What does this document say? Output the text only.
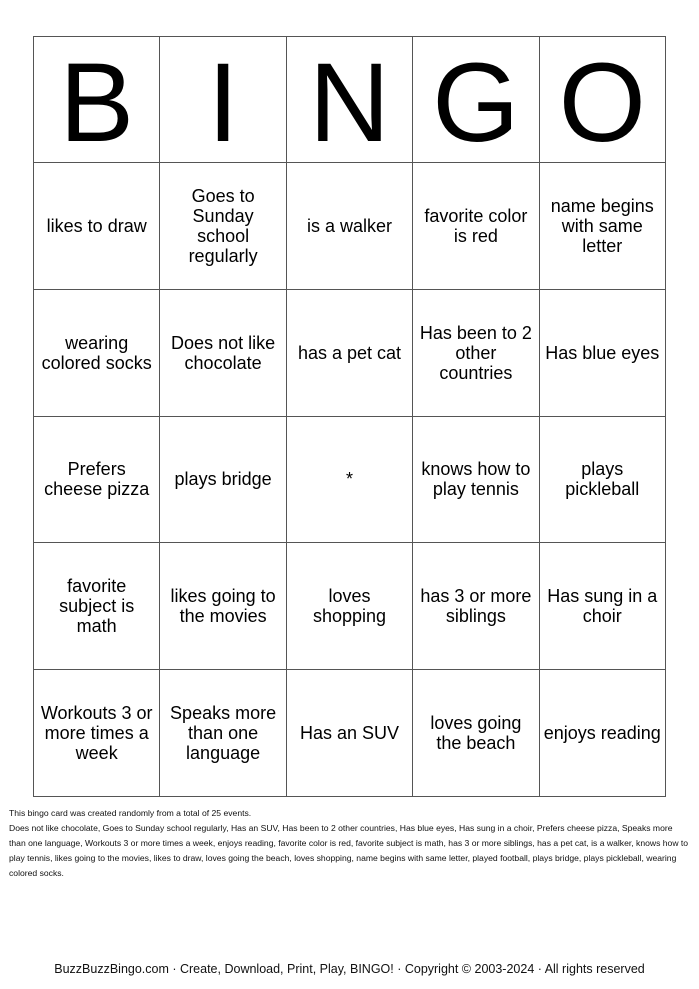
B	I	N	G	O
likes to draw	Goes to Sunday school regularly	is a walker	favorite color is red	name begins with same letter
wearing colored socks	Does not like chocolate	has a pet cat	Has been to 2 other countries	Has blue eyes
Prefers cheese pizza	plays bridge	*	knows how to play tennis	plays pickleball
favorite subject is math	likes going to the movies	loves shopping	has 3 or more siblings	Has sung in a choir
Workouts 3 or more times a week	Speaks more than one language	Has an SUV	loves going the beach	enjoys reading

This bingo card was created randomly from a total of 25 events.

Does not like chocolate, Goes to Sunday school regularly, Has an SUV, Has been to 2 other countries, Has blue eyes, Has sung in a choir, Prefers cheese pizza, Speaks more than one language, Workouts 3 or more times a week, enjoys reading, favorite color is red, favorite subject is math, has 3 or more siblings, has a pet cat, is a walker, knows how to play tennis, likes going to the movies, likes to draw, loves going the beach, loves shopping, name begins with same letter, played football, plays bridge, plays pickleball, wearing colored socks.

BuzzBuzzBingo.com · Create, Download, Print, Play, BINGO! · Copyright © 2003-2024 · All rights reserved
